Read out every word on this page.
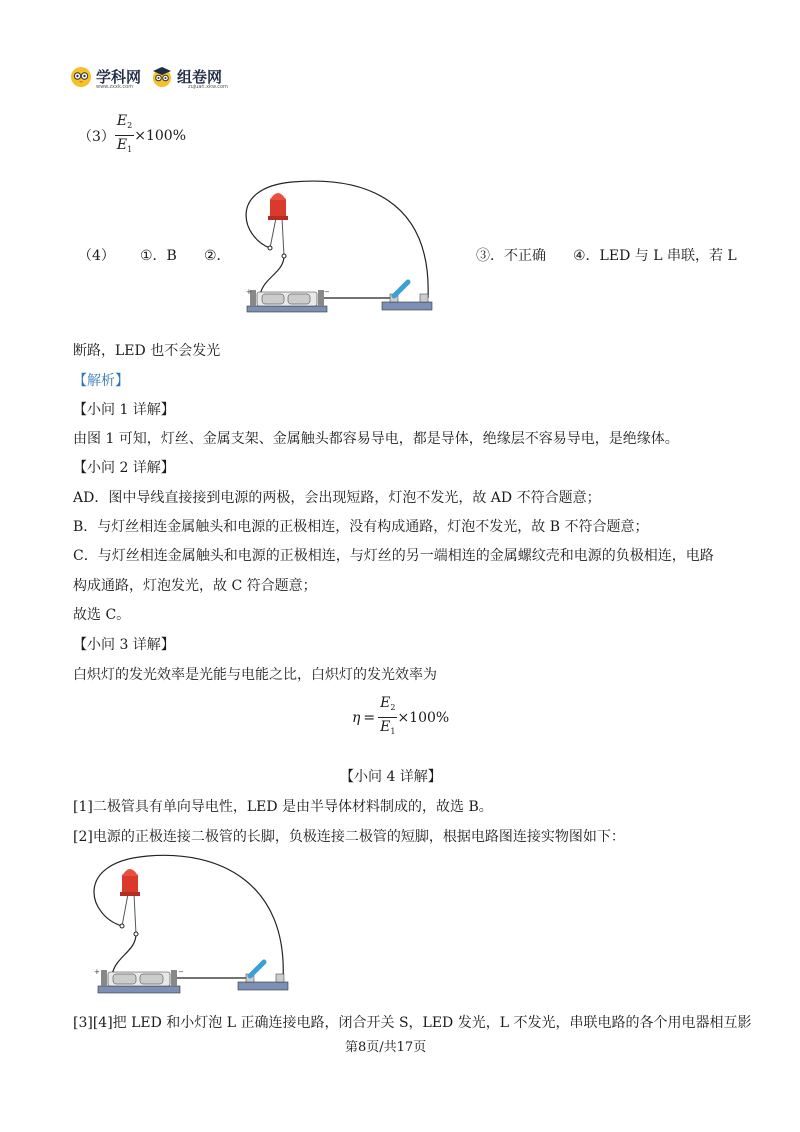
学科网 组卷网
www.zxxk.com	zujuan.xkw.com
$(3) \frac{E_2}{E_1} \times 100\%$
（4） ①．B ②．	③．不正确 ④．LED 与 L 串联，若 L
+	−
断路，LED 也不会发光
【解析】
【小问 1 详解】
由图 1 可知，灯丝、金属支架、金属触头都容易导电，都是导体，绝缘层不容易导电，是绝缘体。
【小问 2 详解】
AD．图中导线直接接到电源的两极，会出现短路，灯泡不发光，故 AD 不符合题意；
B．与灯丝相连金属触头和电源的正极相连，没有构成通路，灯泡不发光，故 B 不符合题意；
C．与灯丝相连金属触头和电源的正极相连，与灯丝的另一端相连的金属螺纹壳和电源的负极相连，电路
构成通路，灯泡发光，故 C 符合题意；
故选 C。
【小问 3 详解】
白炽灯的发光效率是光能与电能之比，白炽灯的发光效率为
$\eta = \frac{E_2}{E_1} \times 100\%$
【小问 4 详解】
[1]二极管具有单向导电性，LED 是由半导体材料制成的，故选 B。
[2]电源的正极连接二极管的长脚，负极连接二极管的短脚，根据电路图连接实物图如下：
+	−
[3][4]把 LED 和小灯泡 L 正确连接电路，闭合开关 S，LED 发光，L 不发光，串联电路的各个用电器相互影
第8页/共17页
